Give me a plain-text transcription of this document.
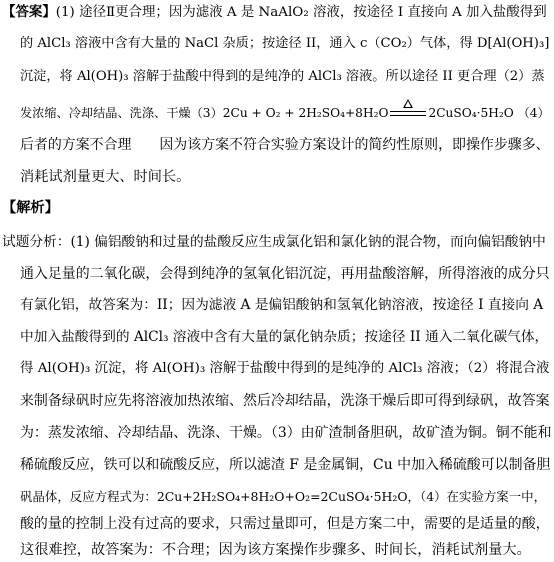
【答案】(1) 途径Ⅱ更合理；因为滤液 A 是 NaAlO₂ 溶液，按途径 I 直接向 A 加入盐酸得到
的 AlCl₃ 溶液中含有大量的 NaCl 杂质；按途径 II，通入 c（CO₂）气体，得 D[Al(OH)₃]
沉淀，将 Al(OH)₃ 溶解于盐酸中得到的是纯净的 AlCl₃ 溶液。所以途径 II 更合理（2）蒸
发浓缩、冷却结晶、洗涤、干燥（3）2Cu + O₂ + 2H₂SO₄+8H₂O	2CuSO₄·5H₂O （4）
后者的方案不合理　　因为该方案不符合实验方案设计的简约性原则，即操作步骤多、
消耗试剂量更大、时间长。
【解析】
试题分析：(1) 偏铝酸钠和过量的盐酸反应生成氯化铝和氯化钠的混合物，而向偏铝酸钠中
通入足量的二氧化碳，会得到纯净的氢氧化铝沉淀，再用盐酸溶解，所得溶液的成分只
有氯化铝，故答案为：II；因为滤液 A 是偏铝酸钠和氢氧化钠溶液，按途径 I 直接向 A
中加入盐酸得到的 AlCl₃ 溶液中含有大量的氯化钠杂质；按途径 II 通入二氧化碳气体，
得 Al(OH)₃ 沉淀，将 Al(OH)₃ 溶解于盐酸中得到的是纯净的 AlCl₃ 溶液；（2）将混合液
来制备绿矾时应先将溶液加热浓缩、然后冷却结晶，洗涤干燥后即可得到绿矾，故答案
为：蒸发浓缩、冷却结晶、洗涤、干燥。（3）由矿渣制备胆矾，故矿渣为铜。铜不能和
稀硫酸反应，铁可以和硫酸反应，所以滤渣 F 是金属铜，Cu 中加入稀硫酸可以制备胆
矾晶体，反应方程式为：2Cu+2H₂SO₄+8H₂O+O₂=2CuSO₄·5H₂O，（4）在实验方案一中，
酸的量的控制上没有过高的要求，只需过量即可，但是方案二中，需要的是适量的酸，
这很难控，故答案为：不合理；因为该方案操作步骤多、时间长，消耗试剂量大。
